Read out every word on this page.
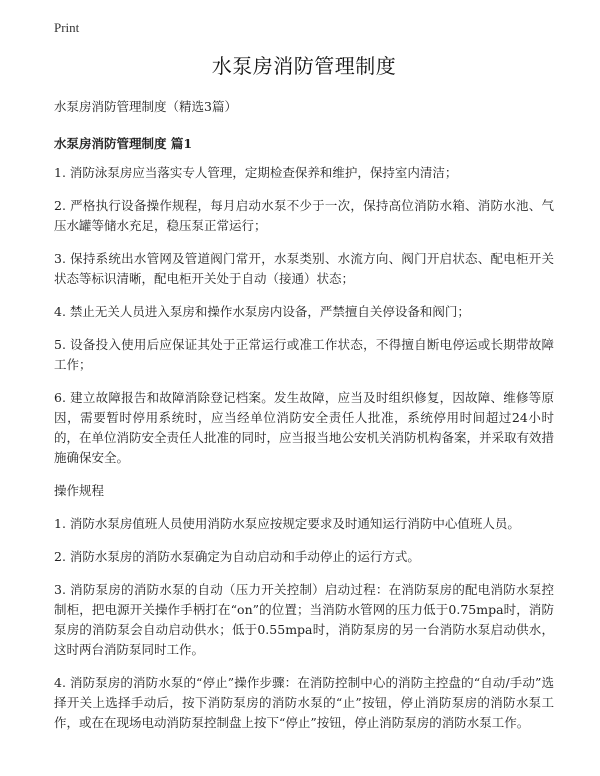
Print
水泵房消防管理制度

水泵房消防管理制度（精选3篇）

水泵房消防管理制度 篇1

1. 消防泳泵房应当落实专人管理，定期检查保养和维护，保持室内清洁；

2. 严格执行设备操作规程，每月启动水泵不少于一次，保持高位消防水箱、消防水池、气压水罐等储水充足，稳压泵正常运行；

3. 保持系统出水管网及管道阀门常开，水泵类别、水流方向、阀门开启状态、配电柜开关状态等标识清晰，配电柜开关处于自动（接通）状态；

4. 禁止无关人员进入泵房和操作水泵房内设备，严禁擅自关停设备和阀门；

5. 设备投入使用后应保证其处于正常运行或准工作状态，不得擅自断电停运或长期带故障工作；

6. 建立故障报告和故障消除登记档案。发生故障，应当及时组织修复，因故障、维修等原因，需要暂时停用系统时，应当经单位消防安全责任人批准，系统停用时间超过24小时的，在单位消防安全责任人批准的同时，应当报当地公安机关消防机构备案，并采取有效措施确保安全。

操作规程

1. 消防水泵房值班人员使用消防水泵应按规定要求及时通知运行消防中心值班人员。

2. 消防水泵房的消防水泵确定为自动启动和手动停止的运行方式。

3. 消防泵房的消防水泵的自动（压力开关控制）启动过程：在消防泵房的配电消防水泵控制柜，把电源开关操作手柄打在“on”的位置；当消防水管网的压力低于0.75mpa时，消防泵房的消防泵会自动启动供水；低于0.55mpa时，消防泵房的另一台消防水泵启动供水，这时两台消防泵同时工作。

4. 消防泵房的消防水泵的“停止”操作步骤：在消防控制中心的消防主控盘的“自动/手动”选择开关上选择手动后，按下消防泵房的消防水泵的“止”按钮，停止消防泵房的消防水泵工作，或在在现场电动消防泵控制盘上按下“停止”按钮，停止消防泵房的消防水泵工作。
